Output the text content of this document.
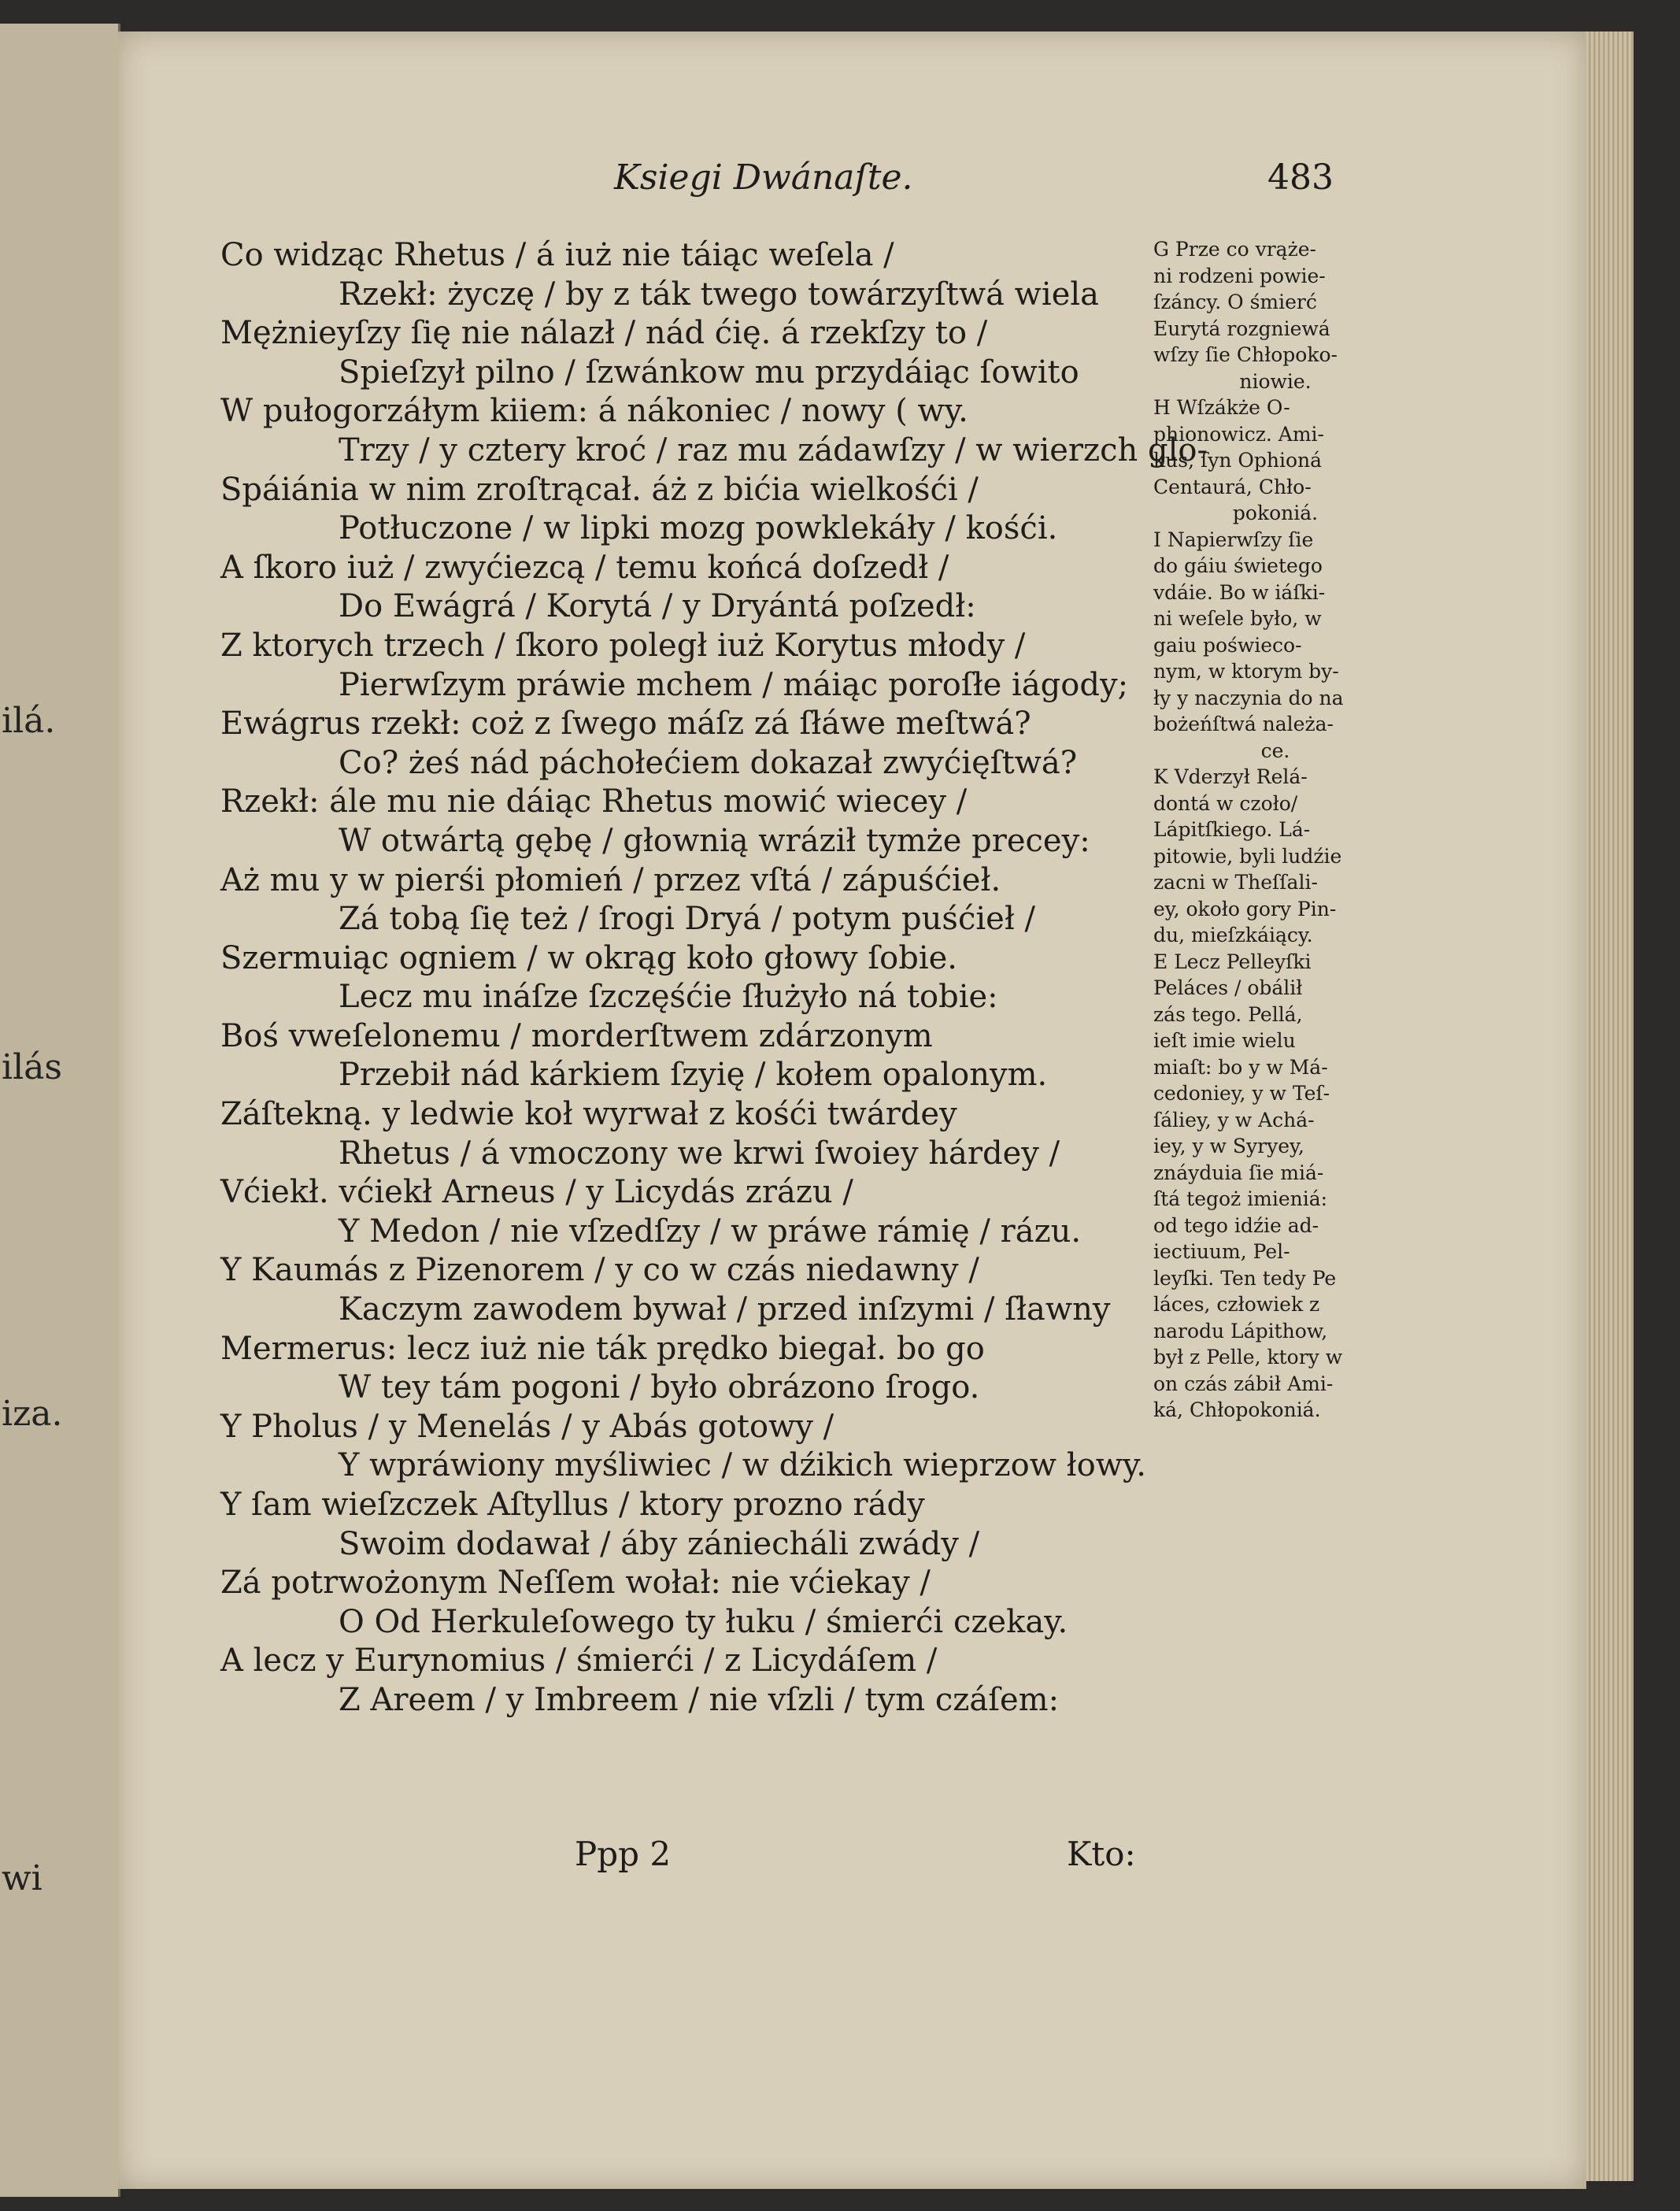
ilá.
ilás
iza.
wi
Ksiegi Dwánaſte.	483
Co widząc Rhetus / á iuż nie táiąc weſela /
Rzekł: życzę / by z ták twego towárzyſtwá wiela
Mężnieyſzy ſię nie nálazł / nád ćię. á rzekſzy to /
Spieſzył pilno / ſzwánkow mu przydáiąc ſowito
W pułogorzáłym kiiem: á nákoniec / nowy ( wy.
Trzy / y cztery kroć / raz mu zádawſzy / w wierzch glo-
Spáiánia w nim zroſtrącał. áż z bićia wielkośći /
Potłuczone / w lipki mozg powklekáły / kośći.
A ſkoro iuż / zwyćiezcą / temu końcá doſzedł /
Do Ewágrá / Korytá / y Dryántá poſzedł:
Z ktorych trzech / ſkoro poległ iuż Korytus młody /
Pierwſzym práwie mchem / máiąc poroſłe iágody;
Ewágrus rzekł: coż z ſwego máſz zá ſłáwe meſtwá?
Co? żeś nád páchołećiem dokazał zwyćięſtwá?
Rzekł: ále mu nie dáiąc Rhetus mowić wiecey /
W otwártą gębę / głownią wráził tymże precey:
Aż mu y w pierśi płomień / przez vſtá / zápuśćieł.
Zá tobą ſię też / ſrogi Dryá / potym puśćieł /
Szermuiąc ogniem / w okrąg koło głowy ſobie.
Lecz mu ináſze ſzczęśćie ſłużyło ná tobie:
Boś vweſelonemu / morderſtwem zdárzonym
Przebił nád kárkiem ſzyię / kołem opalonym.
Záſtekną. y ledwie koł wyrwał z kośći twárdey
Rhetus / á vmoczony we krwi ſwoiey hárdey /
Vćiekł. vćiekł Arneus / y Licydás zrázu /
Y Medon / nie vſzedſzy / w práwe rámię / rázu.
Y Kaumás z Pizenorem / y co w czás niedawny /
Kaczym zawodem bywał / przed inſzymi / ſławny
Mermerus: lecz iuż nie ták prędko biegał. bo go
W tey tám pogoni / było obrázono ſrogo.
Y Pholus / y Menelás / y Abás gotowy /
Y wpráwiony myśliwiec / w dźikich wieprzow łowy.
Y ſam wieſzczek Aſtyllus / ktory prozno rády
Swoim dodawał / áby zániecháli zwády /
Zá potrwożonym Neſſem wołał: nie vćiekay /
O Od Herkuleſowego ty łuku / śmierći czekay.
A lecz y Eurynomius / śmierći / z Licydáſem /
Z Areem / y Imbreem / nie vſzli / tym czáſem:
G Prze co vrąże-
ni rodzeni powie-
ſzáncy. O śmierć
Eurytá rozgniewá
wſzy ſie Chłopoko-
niowie.
H Wſzákże O-
phionowicz. Ami-
kus, ſyn Ophioná
Centaurá, Chło-
pokoniá.
I Napierwſzy ſie
do gáiu świetego
vdáie. Bo w iáſki-
ni weſele było, w
gaiu poświeco-
nym, w ktorym by-
ły y naczynia do na
bożeńſtwá należa-
ce.
K Vderzył Relá-
dontá w czoło/
Lápitſkiego. Lá-
pitowie, byli ludźie
zacni w Theſſali-
ey, około gory Pin-
du, mieſzkáiący.
E Lecz Pelleyſki
Peláces / obálił
zás tego. Pellá,
ieſt imie wielu
miaſt: bo y w Má-
cedoniey, y w Teſ-
ſáliey, y w Achá-
iey, y w Syryey,
znáyduia ſie miá-
ſtá tegoż imieniá:
od tego idźie ad-
iectiuum, Pel-
leyſki. Ten tedy Pe
láces, człowiek z
narodu Lápithow,
był z Pelle, ktory w
on czás zábił Ami-
ká, Chłopokoniá.
Ppp 2	Kto:
